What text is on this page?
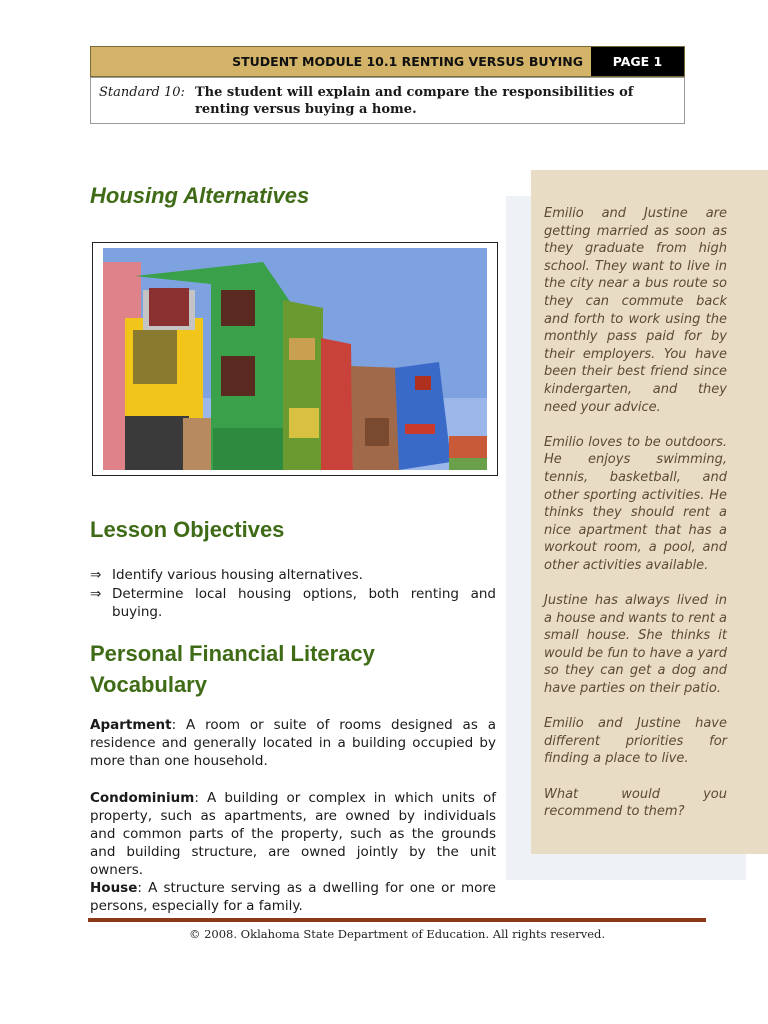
STUDENT MODULE 10.1 RENTING VERSUS BUYING	PAGE 1
Standard 10: The student will explain and compare the responsibilities of renting versus buying a home.

Emilio and Justine are getting married as soon as they graduate from high school. They want to live in the city near a bus route so they can commute back and forth to work using the monthly pass paid for by their employers. You have been their best friend since kindergarten, and they need your advice.

Emilio loves to be outdoors. He enjoys swimming, tennis, basketball, and other sporting activities. He thinks they should rent a nice apartment that has a workout room, a pool, and other activities available.

Justine has always lived in a house and wants to rent a small house. She thinks it would be fun to have a yard so they can get a dog and have parties on their patio.

Emilio and Justine have different priorities for finding a place to live.

What would you recommend to them?

Housing Alternatives
Lesson Objectives
⇒ Identify various housing alternatives.
⇒ Determine local housing options, both renting and buying.
Personal Financial Literacy Vocabulary

Apartment: A room or suite of rooms designed as a residence and generally located in a building occupied by more than one household.

Condominium: A building or complex in which units of property, such as apartments, are owned by individuals and common parts of the property, such as the grounds and building structure, are owned jointly by the unit owners.

House: A structure serving as a dwelling for one or more persons, especially for a family.

© 2008. Oklahoma State Department of Education. All rights reserved.
